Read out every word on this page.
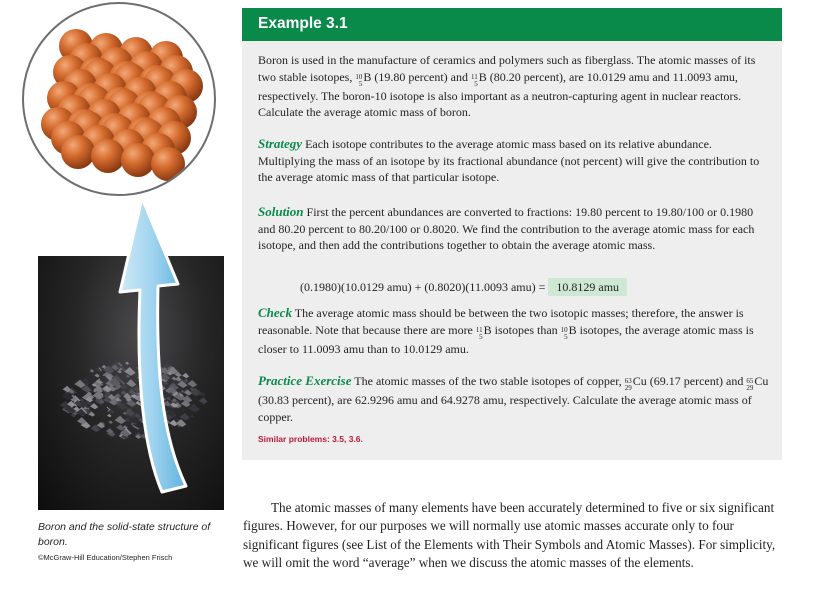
Boron and the solid-state structure of boron.
©McGraw-Hill Education/Stephen Frisch
Example 3.1
Boron is used in the manufacture of ceramics and polymers such as fiberglass. The atomic masses of its two stable isotopes, 10
5 B (19.80 percent) and 11
5 B (80.20 percent), are 10.0129 amu and 11.0093 amu, respectively. The boron-10 isotope is also important as a neutron-capturing agent in nuclear reactors. Calculate the average atomic mass of boron.
Strategy Each isotope contributes to the average atomic mass based on its relative abundance. Multiplying the mass of an isotope by its fractional abundance (not percent) will give the contribution to the average atomic mass of that particular isotope.
Solution First the percent abundances are converted to fractions: 19.80 percent to 19.80/100 or 0.1980 and 80.20 percent to 80.20/100 or 0.8020. We find the contribution to the average atomic mass for each isotope, and then add the contributions together to obtain the average atomic mass.
(0.1980)(10.0129 amu) + (0.8020)(11.0093 amu) = 10.8129 amu
Check The average atomic mass should be between the two isotopic masses; therefore, the answer is reasonable. Note that because there are more 11
5 B isotopes than 10
5 B isotopes, the average atomic mass is closer to 11.0093 amu than to 10.0129 amu.
Practice Exercise The atomic masses of the two stable isotopes of copper, 63
29 Cu (69.17 percent) and 65
29 Cu (30.83 percent), are 62.9296 amu and 64.9278 amu, respectively. Calculate the average atomic mass of copper.
Similar problems: 3.5, 3.6.
The atomic masses of many elements have been accurately determined to five or six significant figures. However, for our purposes we will normally use atomic masses accurate only to four significant figures (see List of the Elements with Their Symbols and Atomic Masses). For simplicity, we will omit the word “average” when we discuss the atomic masses of the elements.
